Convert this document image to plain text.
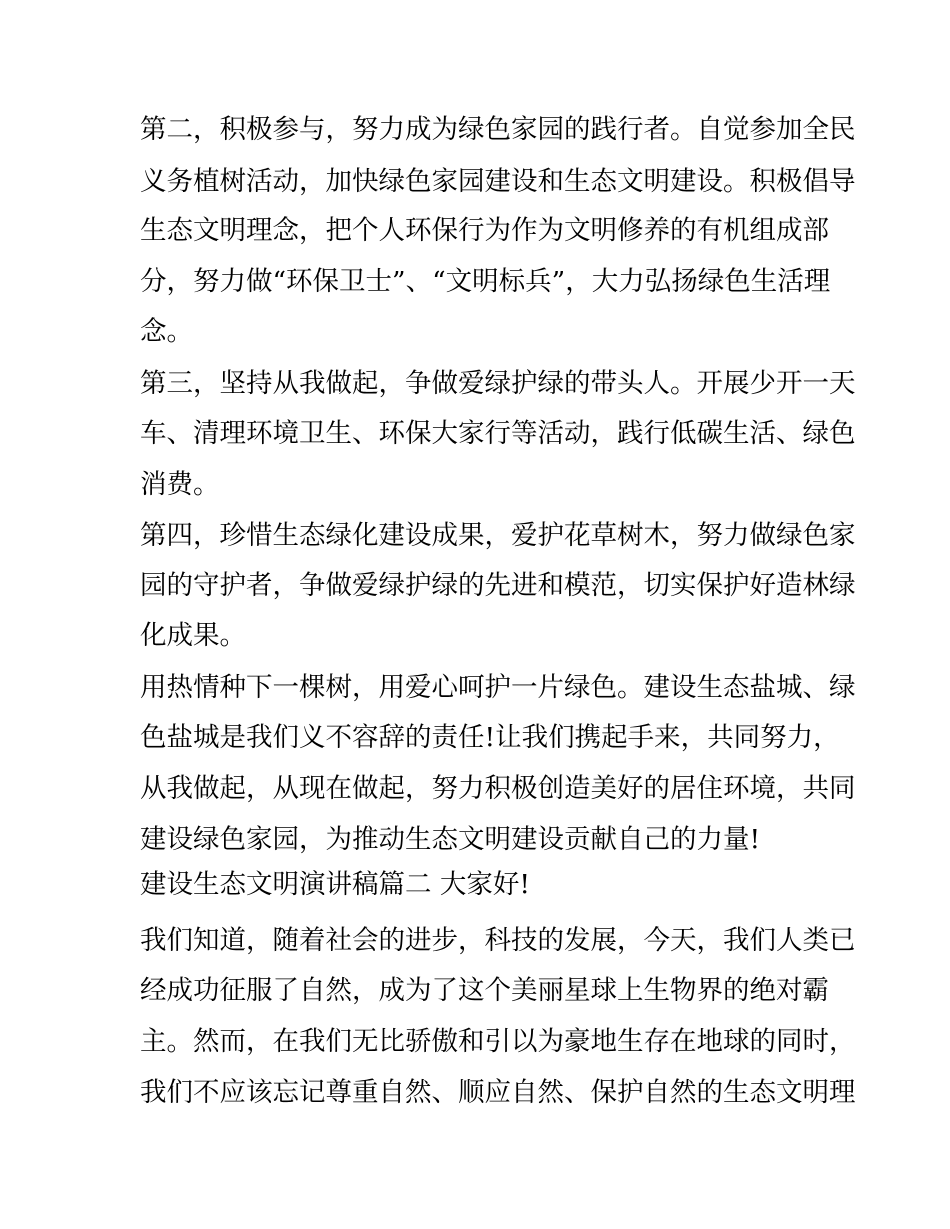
第二，积极参与，努力成为绿色家园的践行者。自觉参加全民
义务植树活动，加快绿色家园建设和生态文明建设。积极倡导
生态文明理念，把个人环保行为作为文明修养的有机组成部
分，努力做“环保卫士”、“文明标兵”，大力弘扬绿色生活理
念。
第三，坚持从我做起，争做爱绿护绿的带头人。开展少开一天
车、清理环境卫生、环保大家行等活动，践行低碳生活、绿色
消费。
第四，珍惜生态绿化建设成果，爱护花草树木，努力做绿色家
园的守护者，争做爱绿护绿的先进和模范，切实保护好造林绿
化成果。
用热情种下一棵树，用爱心呵护一片绿色。建设生态盐城、绿
色盐城是我们义不容辞的责任!让我们携起手来，共同努力，
从我做起，从现在做起，努力积极创造美好的居住环境，共同
建设绿色家园，为推动生态文明建设贡献自己的力量!
建设生态文明演讲稿篇二 大家好!
我们知道，随着社会的进步，科技的发展，今天，我们人类已
经成功征服了自然，成为了这个美丽星球上生物界的绝对霸
主。然而，在我们无比骄傲和引以为豪地生存在地球的同时，
我们不应该忘记尊重自然、顺应自然、保护自然的生态文明理
